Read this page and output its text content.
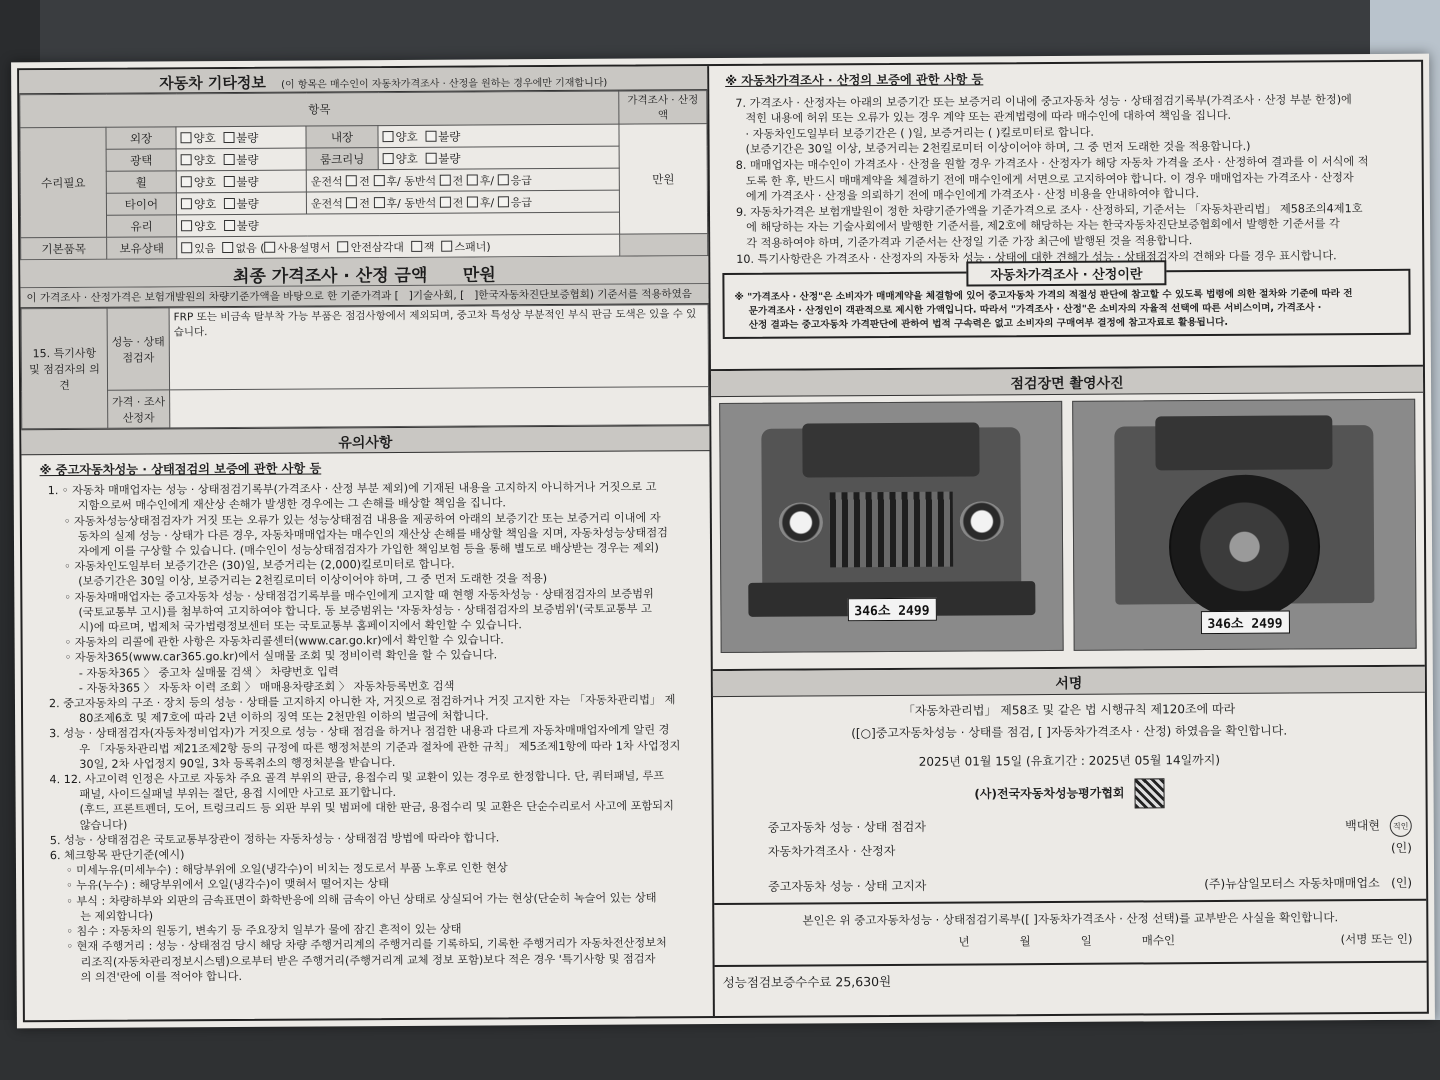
자동차 기타정보 (이 항목은 매수인이 자동차가격조사 · 산정을 원하는 경우에만 기재합니다)
항목					가격조사 · 산정액
수리필요	외장	양호 불량	내장	양호 불량	만원
	광택	양호 불량	룸크리닝	양호 불량	
	휠	양호 불량	운전석 전 후/ 동반석 전 후/ 응급		
	타이어	양호 불량	운전석 전 후/ 동반석 전 후/ 응급		
	유리	양호 불량			
기본품목	보유상태	있음 없음 ( 사용설명서 안전삼각대 잭 스패너)			
최종 가격조사 · 산정 금액 만원
이 가격조사 · 산정가격은 보험개발원의 차량기준가액을 바탕으로 한 기준가격과 [ ]기술사회, [ ]한국자동차진단보증협회) 기준서를 적용하였음
15. 특기사항 및 점검자의 의견	성능 · 상태 점검자	FRP 또는 비금속 탈부착 가능 부품은 점검사항에서 제외되며, 중고차 특성상 부분적인 부식 판금 도색은 있을 수 있습니다.
	가격 · 조사 산정자	
유의사항
※ 중고자동차성능 · 상태점검의 보증에 관한 사항 등

1. ◦ 자동차 매매업자는 성능 · 상태점검기록부(가격조사 · 산정 부분 제외)에 기재된 내용을 고지하지 아니하거나 거짓으로 고

지함으로써 매수인에게 재산상 손해가 발생한 경우에는 그 손해를 배상할 책임을 집니다.

◦ 자동차성능상태점검자가 거짓 또는 오류가 있는 성능상태점검 내용을 제공하여 아래의 보증기간 또는 보증거리 이내에 자

동차의 실제 성능 · 상태가 다른 경우, 자동차매매업자는 매수인의 재산상 손해를 배상할 책임을 지며, 자동차성능상태점검

자에게 이를 구상할 수 있습니다. (매수인이 성능상태점검자가 가입한 책임보험 등을 통해 별도로 배상받는 경우는 제외)

◦ 자동차인도일부터 보증기간은 (30)일, 보증거리는 (2,000)킬로미터로 합니다.

(보증기간은 30일 이상, 보증거리는 2천킬로미터 이상이어야 하며, 그 중 먼저 도래한 것을 적용)

◦ 자동차매매업자는 중고자동차 성능 · 상태점검기록부를 매수인에게 고지할 때 현행 자동차성능 · 상태점검자의 보증범위

(국토교통부 고시)를 첨부하여 고지하여야 합니다. 동 보증범위는 '자동차성능 · 상태점검자의 보증범위'(국토교통부 고

시)에 따르며, 법제처 국가법령정보센터 또는 국토교통부 홈페이지에서 확인할 수 있습니다.

◦ 자동차의 리콜에 관한 사항은 자동차리콜센터(www.car.go.kr)에서 확인할 수 있습니다.

◦ 자동차365(www.car365.go.kr)에서 실매물 조회 및 정비이력 확인을 할 수 있습니다.

- 자동차365 〉 중고차 실매물 검색 〉 차량번호 입력

- 자동차365 〉 자동차 이력 조회 〉 매매용차량조회 〉 자동차등록번호 검색

2. 중고자동차의 구조 · 장치 등의 성능 · 상태를 고지하지 아니한 자, 거짓으로 점검하거나 거짓 고지한 자는 「자동차관리법」 제

80조제6호 및 제7호에 따라 2년 이하의 징역 또는 2천만원 이하의 벌금에 처합니다.

3. 성능 · 상태점검자(자동차정비업자)가 거짓으로 성능 · 상태 점검을 하거나 점검한 내용과 다르게 자동차매매업자에게 알린 경

우 「자동차관리법 제21조제2항 등의 규정에 따른 행정처분의 기준과 절차에 관한 규칙」 제5조제1항에 따라 1차 사업정지

30일, 2차 사업정지 90일, 3차 등록취소의 행정처분을 받습니다.

4. 12. 사고이력 인정은 사고로 자동차 주요 골격 부위의 판금, 용접수리 및 교환이 있는 경우로 한정합니다. 단, 쿼터패널, 루프

패널, 사이드실패널 부위는 절단, 용접 시에만 사고로 표기합니다.

(후드, 프론트펜더, 도어, 트렁크리드 등 외판 부위 및 범퍼에 대한 판금, 용접수리 및 교환은 단순수리로서 사고에 포함되지

않습니다)

5. 성능 · 상태점검은 국토교통부장관이 정하는 자동차성능 · 상태점검 방법에 따라야 합니다.

6. 체크항목 판단기준(예시)

◦ 미세누유(미세누수) : 해당부위에 오일(냉각수)이 비치는 정도로서 부품 노후로 인한 현상

◦ 누유(누수) : 해당부위에서 오일(냉각수)이 맺혀서 떨어지는 상태

◦ 부식 : 차량하부와 외판의 금속표면이 화학반응에 의해 금속이 아닌 상태로 상실되어 가는 현상(단순히 녹슬어 있는 상태

는 제외합니다)

◦ 침수 : 자동차의 원동기, 변속기 등 주요장치 일부가 물에 잠긴 흔적이 있는 상태

◦ 현재 주행거리 : 성능 · 상태점검 당시 해당 차량 주행거리계의 주행거리를 기록하되, 기록한 주행거리가 자동차전산정보처

리조직(자동차관리정보시스템)으로부터 받은 주행거리(주행거리계 교체 정보 포함)보다 적은 경우 '특기사항 및 점검자

의 의견'란에 이를 적어야 합니다.

※ 자동차가격조사 · 산정의 보증에 관한 사항 등

7. 가격조사 · 산정자는 아래의 보증기간 또는 보증거리 이내에 중고자동차 성능 · 상태점검기록부(가격조사 · 산정 부분 한정)에

적힌 내용에 허위 또는 오류가 있는 경우 계약 또는 관계법령에 따라 매수인에 대하여 책임을 집니다.

· 자동차인도일부터 보증기간은 ( )일, 보증거리는 ( )킬로미터로 합니다.

(보증기간은 30일 이상, 보증거리는 2천킬로미터 이상이어야 하며, 그 중 먼저 도래한 것을 적용합니다.)

8. 매매업자는 매수인이 가격조사 · 산정을 원할 경우 가격조사 · 산정자가 해당 자동차 가격을 조사 · 산정하여 결과를 이 서식에 적

도록 한 후, 반드시 매매계약을 체결하기 전에 매수인에게 서면으로 고지하여야 합니다. 이 경우 매매업자는 가격조사 · 산정자

에게 가격조사 · 산정을 의뢰하기 전에 매수인에게 가격조사 · 산정 비용을 안내하여야 합니다.

9. 자동차가격은 보험개발원이 정한 차량기준가액을 기준가격으로 조사 · 산정하되, 기준서는 「자동차관리법」 제58조의4제1호

에 해당하는 자는 기술사회에서 발행한 기준서를, 제2호에 해당하는 자는 한국자동차진단보증협회에서 발행한 기준서를 각

각 적용하여야 하며, 기준가격과 기준서는 산정일 기준 가장 최근에 발행된 것을 적용합니다.

10. 특기사항란은 가격조사 · 산정자의 자동차 성능 · 상태에 대한 견해가 성능 · 상태점검자의 견해와 다를 경우 표시합니다.

자동차가격조사 · 산정이란

※ "가격조사 · 산정"은 소비자가 매매계약을 체결함에 있어 중고자동차 가격의 적절성 판단에 참고할 수 있도록 법령에 의한 절차와 기준에 따라 전

문가격조사 · 산정인이 객관적으로 제시한 가액입니다. 따라서 "가격조사 · 산정"은 소비자의 자율적 선택에 따른 서비스이며, 가격조사 ·

산정 결과는 중고자동차 가격판단에 관하여 법적 구속력은 없고 소비자의 구매여부 결정에 참고자료로 활용됩니다.

점검장면 촬영사진
346소 2499
346소 2499
서명
「자동차관리법」 제58조 및 같은 법 시행규칙 제120조에 따라
([○]중고자동차성능 · 상태를 점검, [ ]자동차가격조사 · 산정) 하였음을 확인합니다.
2025년 01월 15일 (유효기간 : 2025년 05월 14일까지)
(사)전국자동차성능평가협회
중고자동차 성능 · 상태 점검자	백대현 직인
자동차가격조사 · 산정자	(인)
중고자동차 성능 · 상태 고지자	(주)뉴삼일모터스 자동차매매업소 (인)
본인은 위 중고자동차성능 · 상태점검기록부([ ]자동차가격조사 · 산정 선택)를 교부받은 사실을 확인합니다.
년	월	일	매수인	(서명 또는 인)
성능점검보증수수료 25,630원
